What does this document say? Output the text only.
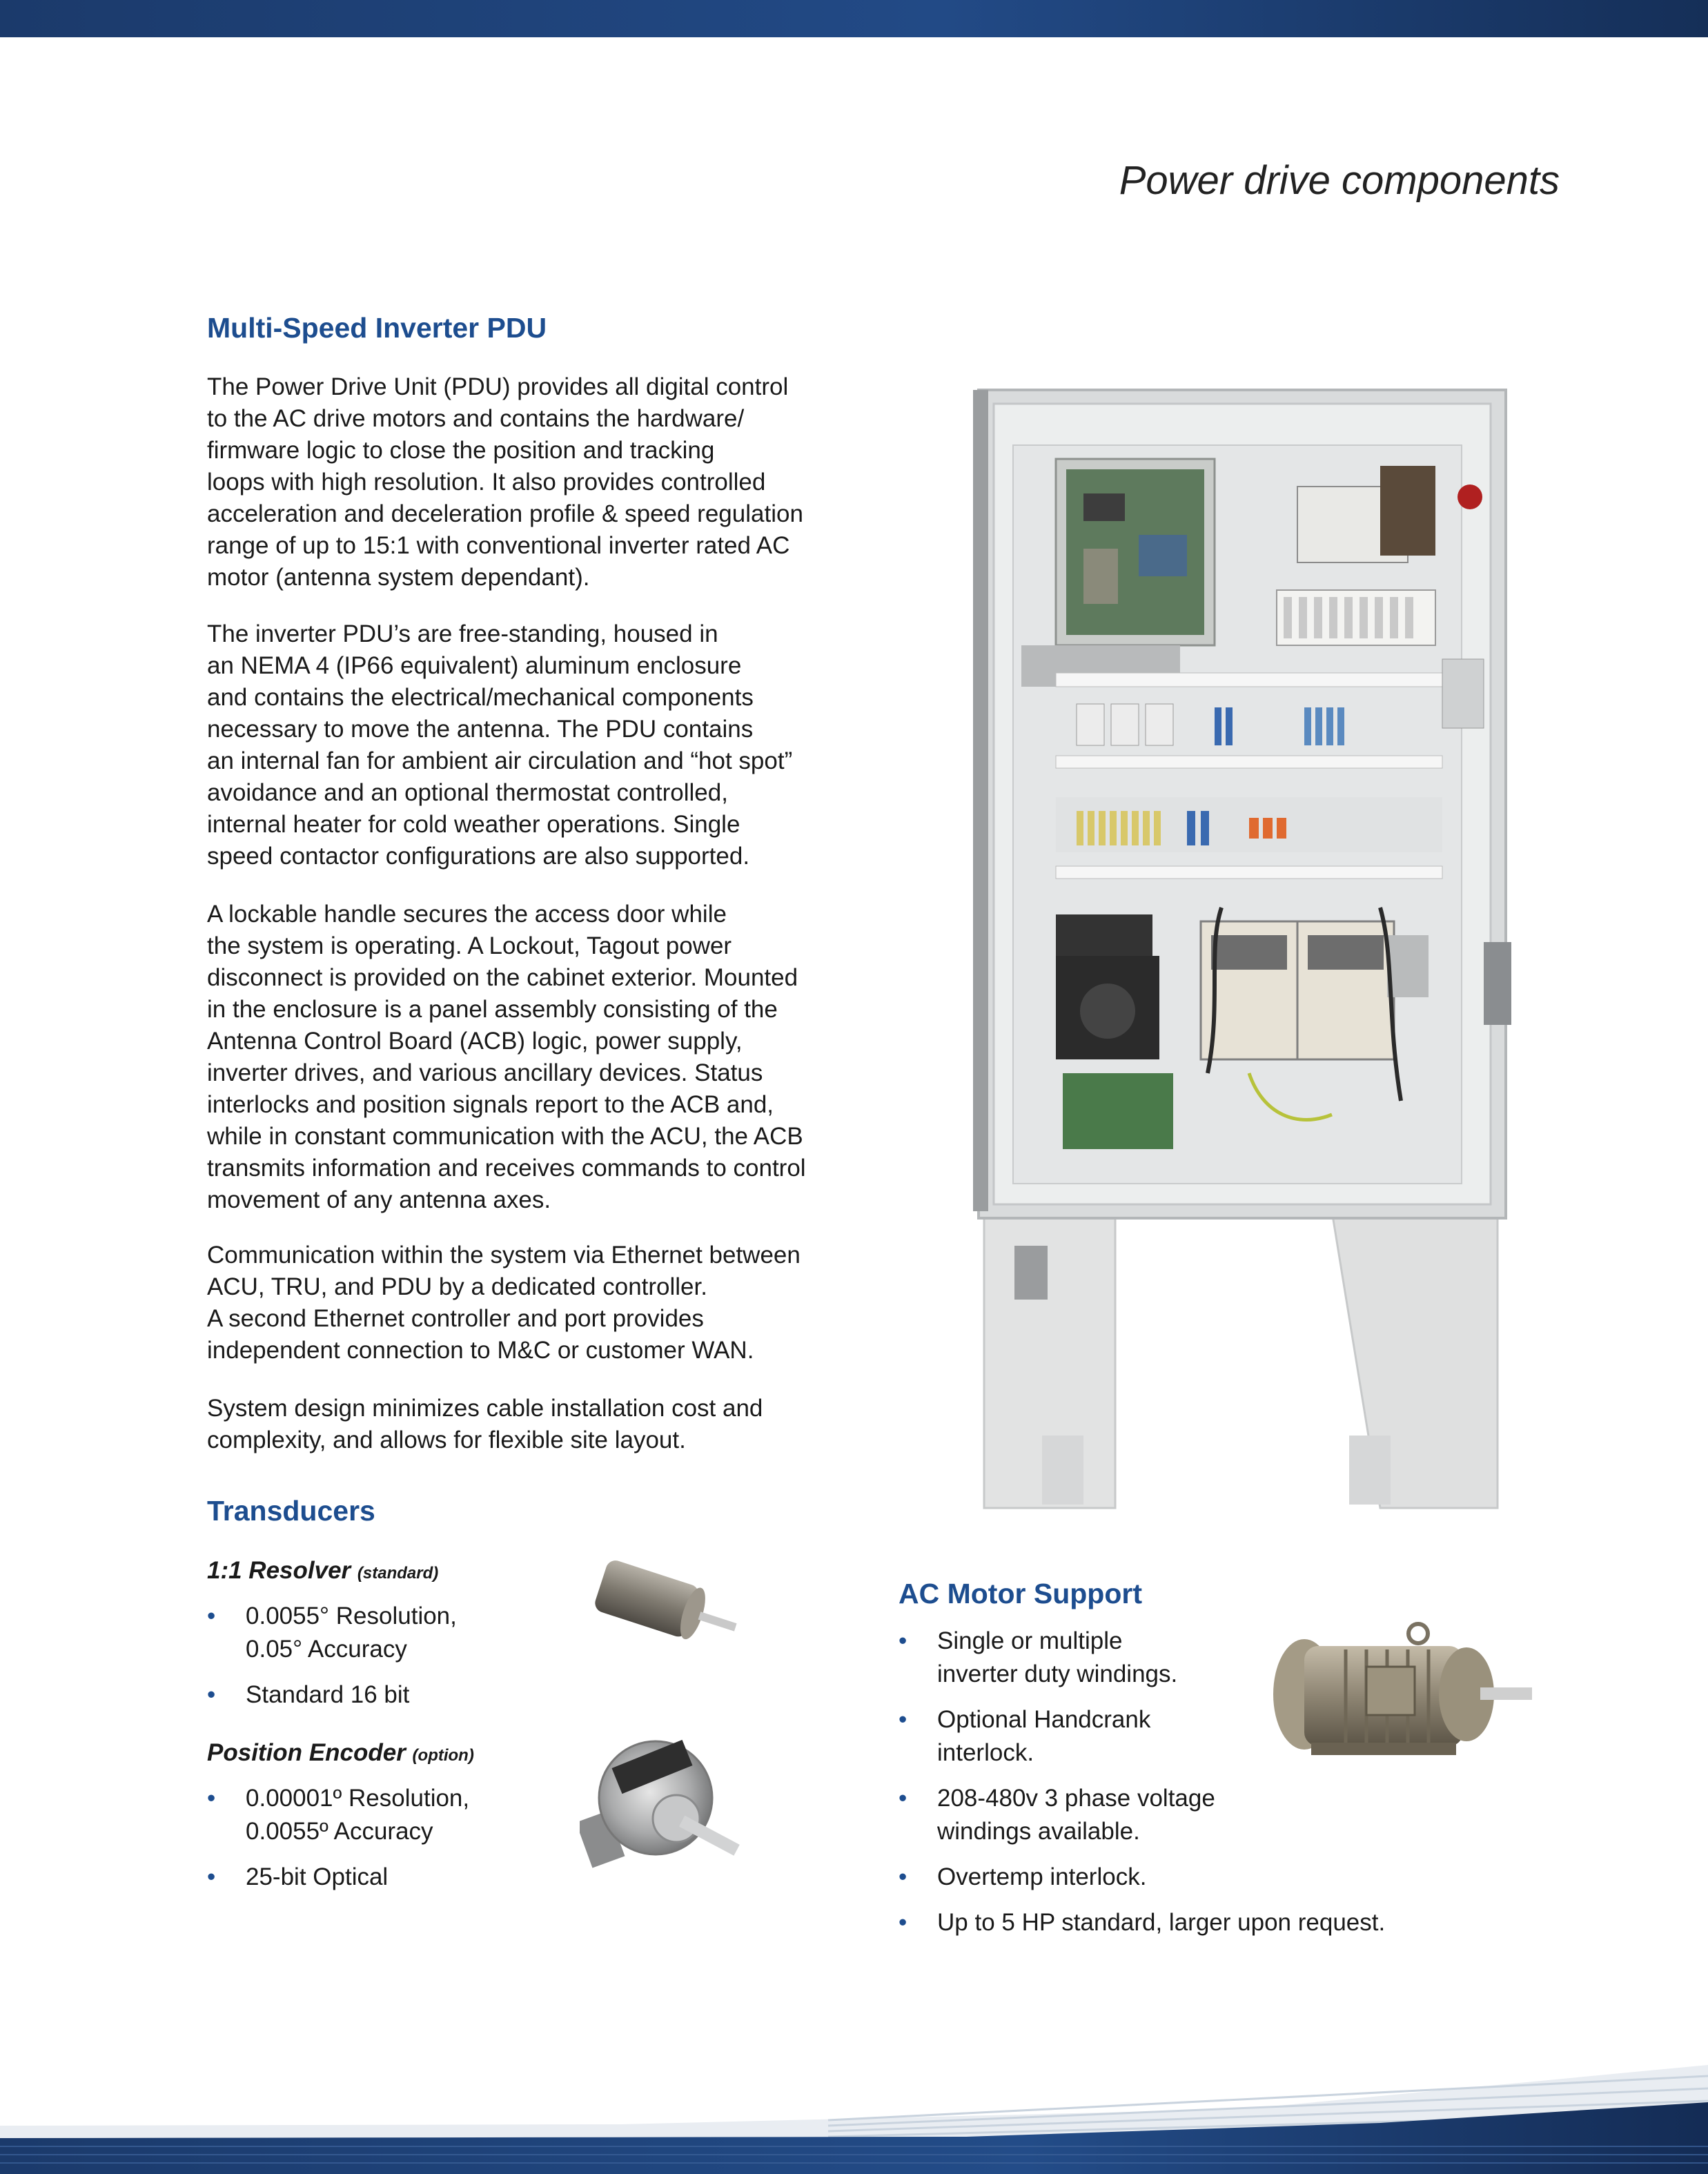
Power drive components
Multi-Speed Inverter PDU

The Power Drive Unit (PDU) provides all digital control
to the AC drive motors and contains the hardware/
firmware logic to close the position and tracking
loops with high resolution. It also provides controlled
acceleration and deceleration profile & speed regulation
range of up to 15:1 with conventional inverter rated AC
motor (antenna system dependant).

The inverter PDU’s are free-standing, housed in
an NEMA 4 (IP66 equivalent) aluminum enclosure
and contains the electrical/mechanical components
necessary to move the antenna. The PDU contains
an internal fan for ambient air circulation and “hot spot”
avoidance and an optional thermostat controlled,
internal heater for cold weather operations. Single
speed contactor configurations are also supported.

A lockable handle secures the access door while
the system is operating. A Lockout, Tagout power
disconnect is provided on the cabinet exterior. Mounted
in the enclosure is a panel assembly consisting of the
Antenna Control Board (ACB) logic, power supply,
inverter drives, and various ancillary devices. Status
interlocks and position signals report to the ACB and,
while in constant communication with the ACU, the ACB
transmits information and receives commands to control
movement of any antenna axes.

Communication within the system via Ethernet between
ACU, TRU, and PDU by a dedicated controller.
A second Ethernet controller and port provides
independent connection to M&C or customer WAN.

System design minimizes cable installation cost and
complexity, and allows for flexible site layout.

Transducers

1:1 Resolver (standard)

• 0.0055° Resolution,
0.05° Accuracy
• Standard 16 bit

Position Encoder (option)

• 0.00001º Resolution,
0.0055º Accuracy
• 25-bit Optical
AC Motor Support
• Single or multiple
inverter duty windings.
• Optional Handcrank
interlock.
• 208-480v 3 phase voltage
windings available.
• Overtemp interlock.
• Up to 5 HP standard, larger upon request.
